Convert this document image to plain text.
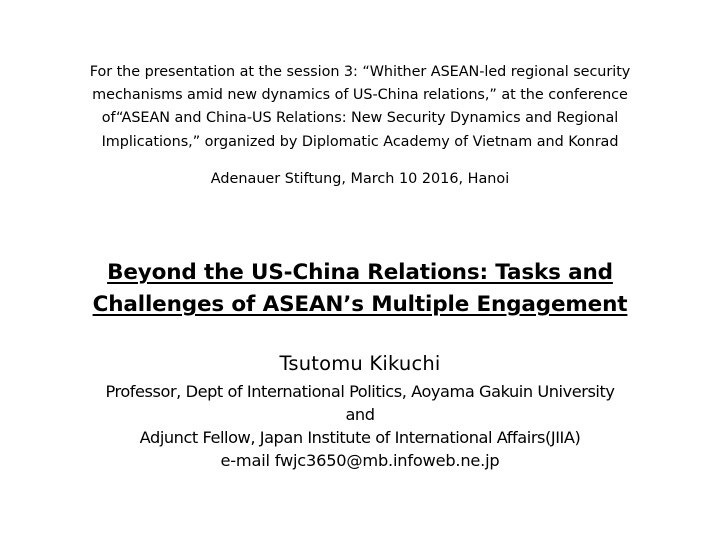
For the presentation at the session 3: “Whither ASEAN-led regional security mechanisms amid new dynamics of US-China relations,” at the conference of“ASEAN and China-US Relations: New Security Dynamics and Regional Implications,” organized by Diplomatic Academy of Vietnam and Konrad
Adenauer Stiftung, March 10 2016, Hanoi
Beyond the US-China Relations: Tasks and
Challenges of ASEAN’s Multiple Engagement
Tsutomu Kikuchi
Professor, Dept of International Politics, Aoyama Gakuin University
and
Adjunct Fellow, Japan Institute of International Affairs(JIIA)
e-mail fwjc3650@mb.infoweb.ne.jp
